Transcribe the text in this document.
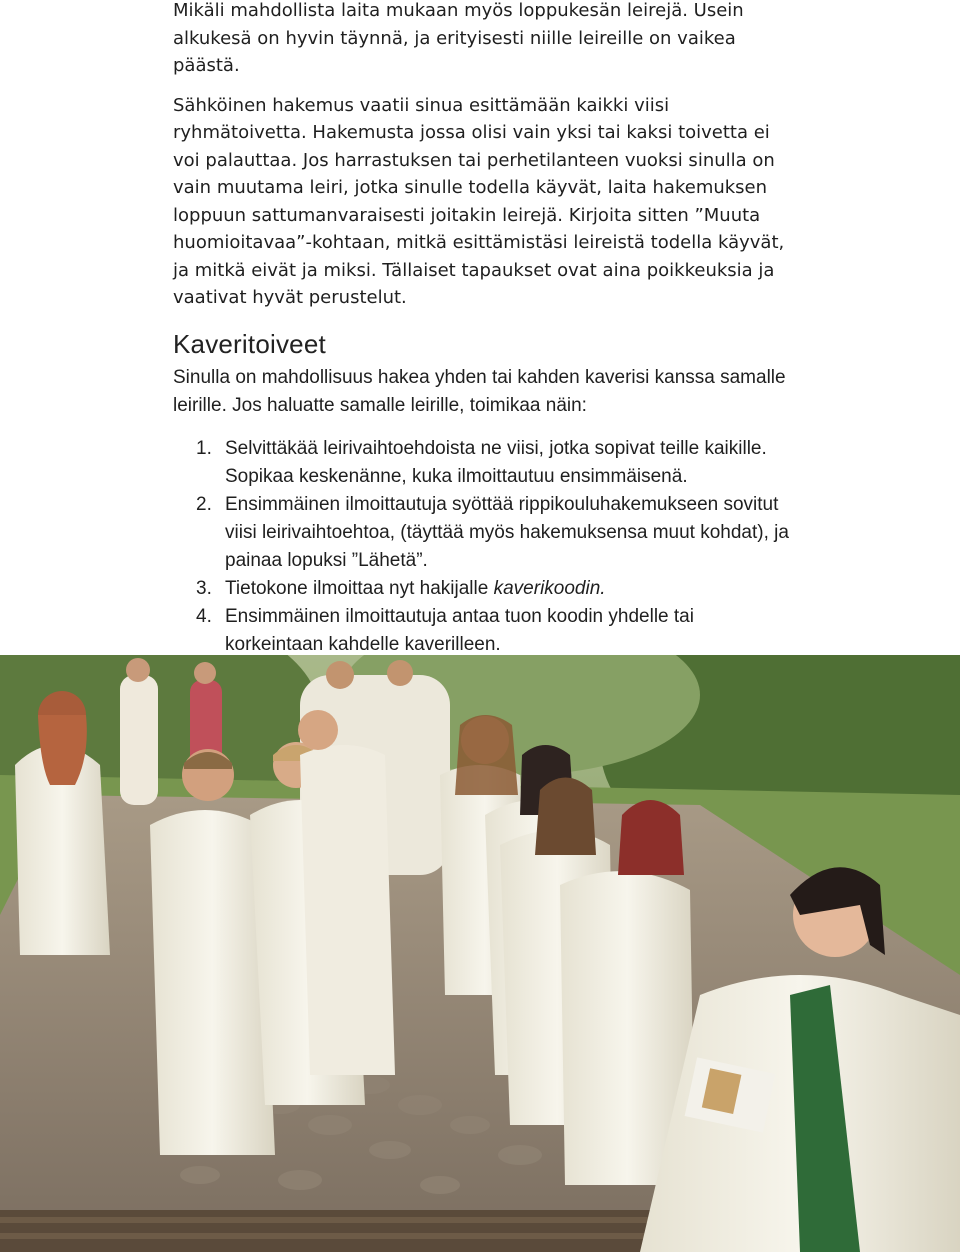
Mikäli mahdollista laita mukaan myös loppukesän leirejä. Usein alkukesä on hyvin täynnä, ja erityisesti niille leireille on vaikea päästä.

Sähköinen hakemus vaatii sinua esittämään kaikki viisi ryhmätoivetta. Hakemusta jossa olisi vain yksi tai kaksi toivetta ei voi palauttaa. Jos harrastuksen tai perhetilanteen vuoksi sinulla on vain muutama leiri, jotka sinulle todella käyvät, laita hakemuksen loppuun sattumanvaraisesti joitakin leirejä. Kirjoita sitten ”Muuta huomioitavaa”-kohtaan, mitkä esittämistäsi leireistä todella käyvät, ja mitkä eivät ja miksi. Tällaiset tapaukset ovat aina poikkeuksia ja vaativat hyvät perustelut.

Kaveritoiveet

Sinulla on mahdollisuus hakea yhden tai kahden kaverisi kanssa samalle leirille. Jos haluatte samalle leirille, toimikaa näin:

1. Selvittäkää leirivaihtoehdoista ne viisi, jotka sopivat teille kaikille. Sopikaa keskenänne, kuka ilmoittautuu ensimmäisenä.
2. Ensimmäinen ilmoittautuja syöttää rippikouluhakemukseen sovitut viisi leirivaihtoehtoa, (täyttää myös hakemuksensa muut kohdat), ja painaa lopuksi ”Lähetä”.
3. Tietokone ilmoittaa nyt hakijalle kaverikoodin.
4. Ensimmäinen ilmoittautuja antaa tuon koodin yhdelle tai korkeintaan kahdelle kaverilleen.
